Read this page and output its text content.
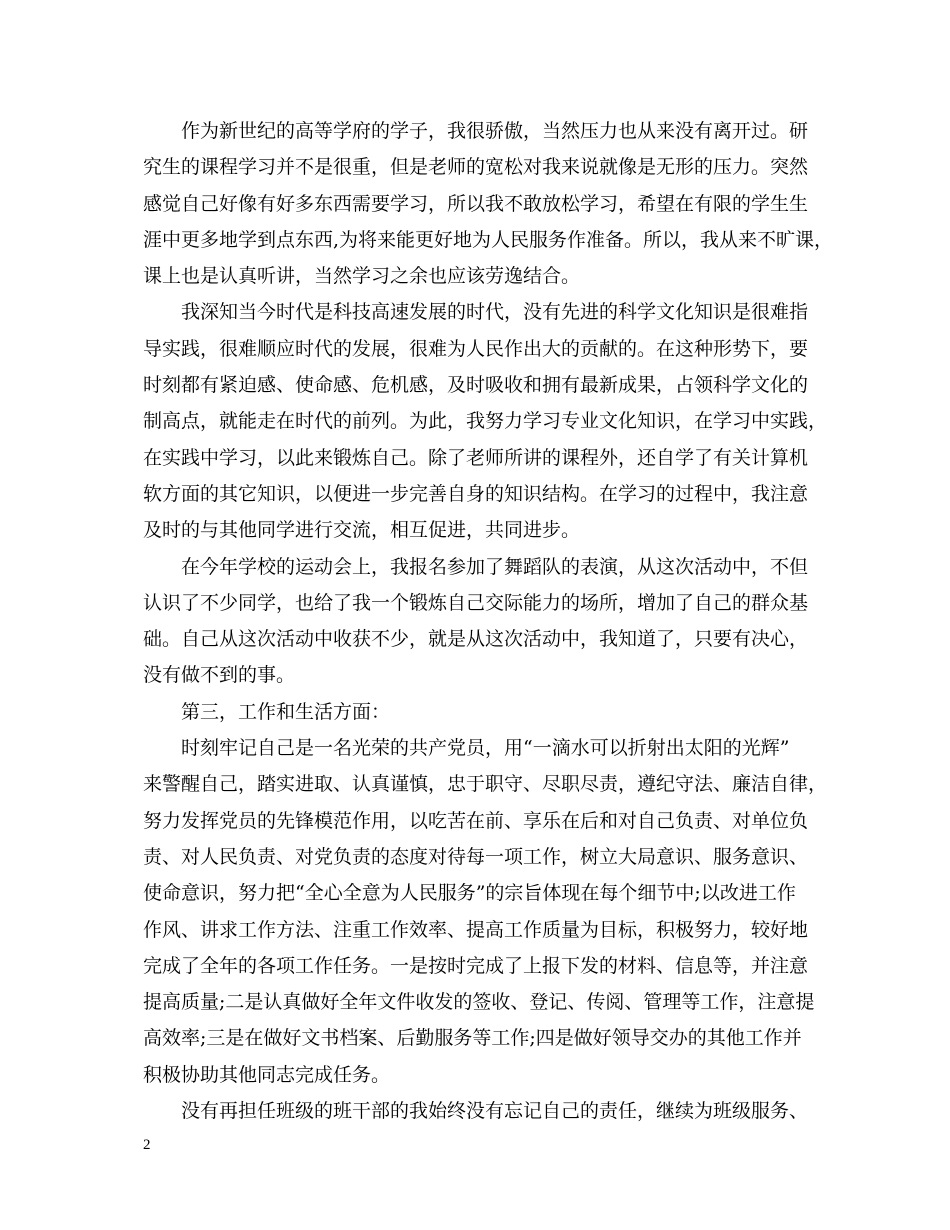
作为新世纪的高等学府的学子，我很骄傲，当然压力也从来没有离开过。研
究生的课程学习并不是很重，但是老师的宽松对我来说就像是无形的压力。突然
感觉自己好像有好多东西需要学习，所以我不敢放松学习，希望在有限的学生生
涯中更多地学到点东西,为将来能更好地为人民服务作准备。所以，我从来不旷课，
课上也是认真听讲，当然学习之余也应该劳逸结合。

我深知当今时代是科技高速发展的时代，没有先进的科学文化知识是很难指
导实践，很难顺应时代的发展，很难为人民作出大的贡献的。在这种形势下，要
时刻都有紧迫感、使命感、危机感，及时吸收和拥有最新成果，占领科学文化的
制高点，就能走在时代的前列。为此，我努力学习专业文化知识，在学习中实践，
在实践中学习，以此来锻炼自己。除了老师所讲的课程外，还自学了有关计算机
软方面的其它知识，以便进一步完善自身的知识结构。在学习的过程中，我注意
及时的与其他同学进行交流，相互促进，共同进步。

在今年学校的运动会上，我报名参加了舞蹈队的表演，从这次活动中，不但
认识了不少同学，也给了我一个锻炼自己交际能力的场所，增加了自己的群众基
础。自己从这次活动中收获不少，就是从这次活动中，我知道了，只要有决心，
没有做不到的事。

第三，工作和生活方面：

时刻牢记自己是一名光荣的共产党员，用“一滴水可以折射出太阳的光辉”
来警醒自己，踏实进取、认真谨慎，忠于职守、尽职尽责，遵纪守法、廉洁自律，
努力发挥党员的先锋模范作用，以吃苦在前、享乐在后和对自己负责、对单位负
责、对人民负责、对党负责的态度对待每一项工作，树立大局意识、服务意识、
使命意识，努力把“全心全意为人民服务”的宗旨体现在每个细节中;以改进工作
作风、讲求工作方法、注重工作效率、提高工作质量为目标，积极努力，较好地
完成了全年的各项工作任务。一是按时完成了上报下发的材料、信息等，并注意
提高质量;二是认真做好全年文件收发的签收、登记、传阅、管理等工作，注意提
高效率;三是在做好文书档案、后勤服务等工作;四是做好领导交办的其他工作并
积极协助其他同志完成任务。

没有再担任班级的班干部的我始终没有忘记自己的责任，继续为班级服务、

2
